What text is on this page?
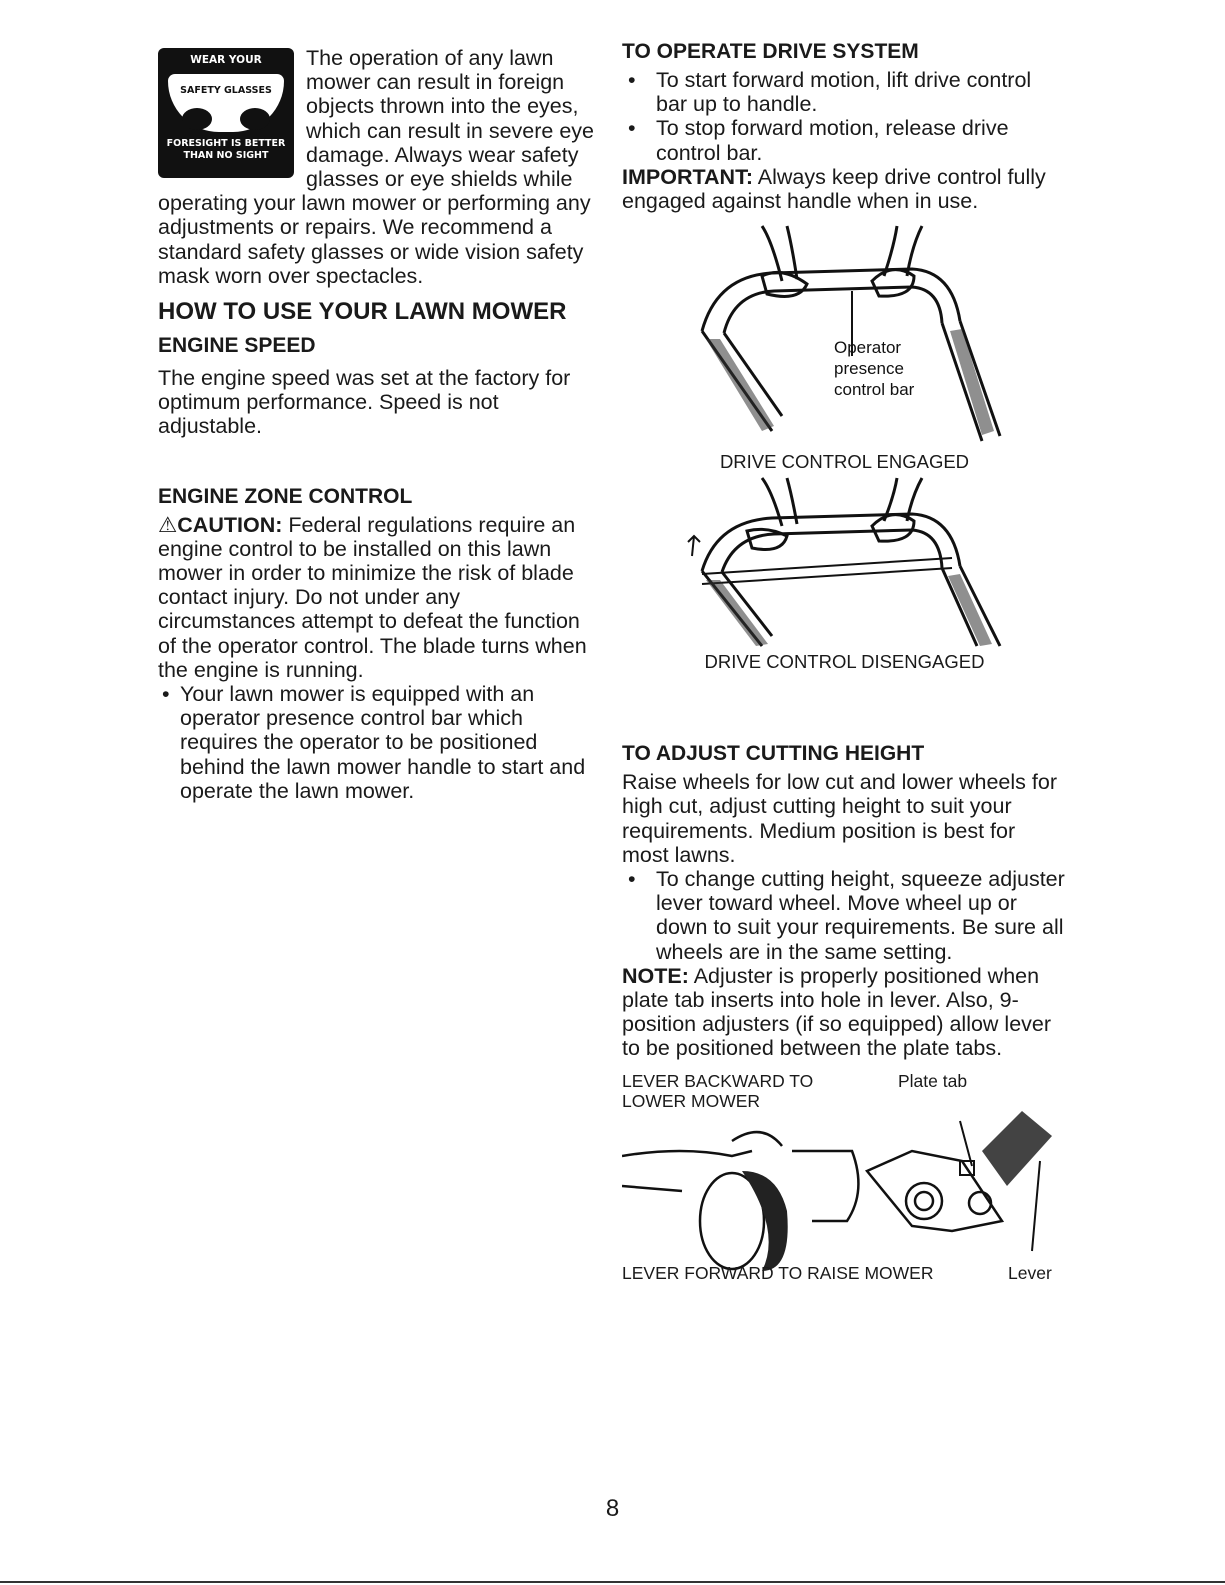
WEAR YOUR
SAFETY GLASSES
FORESIGHT IS BETTER THAN NO SIGHT

The operation of any lawn mower can result in foreign objects thrown into the eyes, which can result in severe eye damage. Always wear safety glasses or eye shields while operating your lawn mower or performing any adjustments or repairs. We recommend a standard safety glasses or wide vision safety mask worn over spectacles.

HOW TO USE YOUR LAWN MOWER

ENGINE SPEED

The engine speed was set at the factory for optimum performance. Speed is not adjustable.

ENGINE ZONE CONTROL

⚠CAUTION: Federal regulations require an engine control to be installed on this lawn mower in order to minimize the risk of blade contact injury. Do not under any circumstances attempt to defeat the function of the operator control. The blade turns when the engine is running.

• Your lawn mower is equipped with an operator presence control bar which requires the operator to be positioned behind the lawn mower handle to start and operate the lawn mower.

TO OPERATE DRIVE SYSTEM

• To start forward motion, lift drive control bar up to handle.

• To stop forward motion, release drive control bar.

IMPORTANT: Always keep drive control fully engaged against handle when in use.

Operator
presence
control bar

DRIVE CONTROL ENGAGED

DRIVE CONTROL DISENGAGED

TO ADJUST CUTTING HEIGHT

Raise wheels for low cut and lower wheels for high cut, adjust cutting height to suit your requirements. Medium position is best for most lawns.

• To change cutting height, squeeze adjuster lever toward wheel. Move wheel up or down to suit your requirements. Be sure all wheels are in the same setting.

NOTE: Adjuster is properly positioned when plate tab inserts into hole in lever. Also, 9-position adjusters (if so equipped) allow lever to be positioned between the plate tabs.

LEVER BACKWARD TO LOWER MOWER

Plate tab

LEVER FORWARD TO RAISE MOWER	Lever

8
